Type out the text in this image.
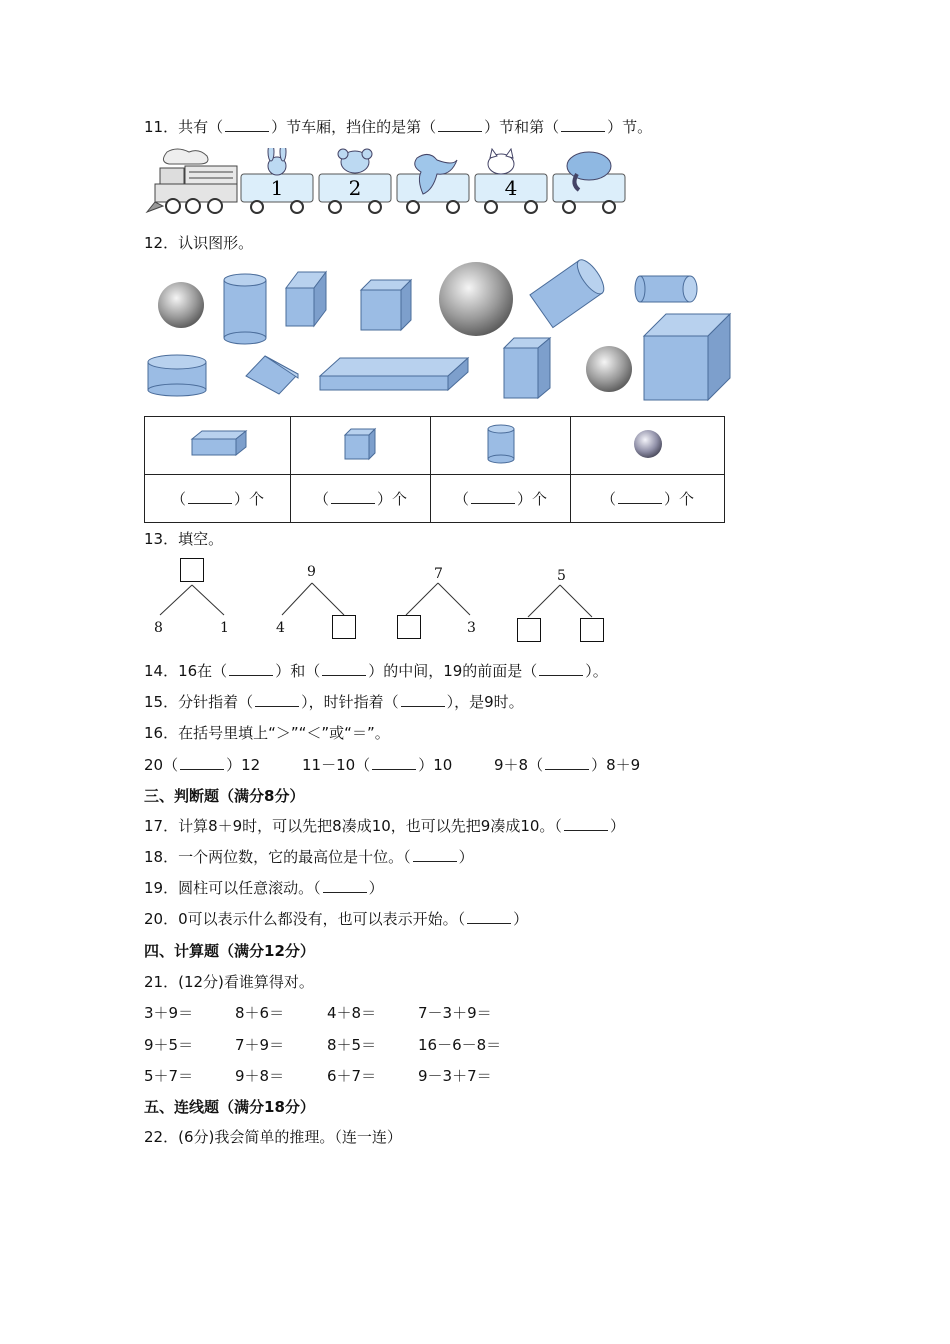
11．共有（	）节车厢，挡住的是第（	）节和第（	）节。
1	2	4
12．认识图形。

（ ）个	（ ）个	（ ）个	（ ）个
13．填空。
8	1
9
4
7
3
5
14．16在（	）和（	）的中间，19的前面是（	）。
15．分针指着（	），时针指着（	），是9时。
16．在括号里填上“＞”“＜”或“＝”。
20（	）12	11－10（	）10	9＋8（	）8＋9
三、判断题（满分8分）
17．计算8＋9时，可以先把8凑成10，也可以先把9凑成10。（	）
18．一个两位数，它的最高位是十位。（	）
19．圆柱可以任意滚动。（	）
20．0可以表示什么都没有，也可以表示开始。（	）
四、计算题（满分12分）
21．(12分)看谁算得对。
3＋9＝	8＋6＝	4＋8＝	7－3＋9＝
9＋5＝	7＋9＝	8＋5＝	16－6－8＝
5＋7＝	9＋8＝	6＋7＝	9－3＋7＝
五、连线题（满分18分）
22．(6分)我会简单的推理。（连一连）
